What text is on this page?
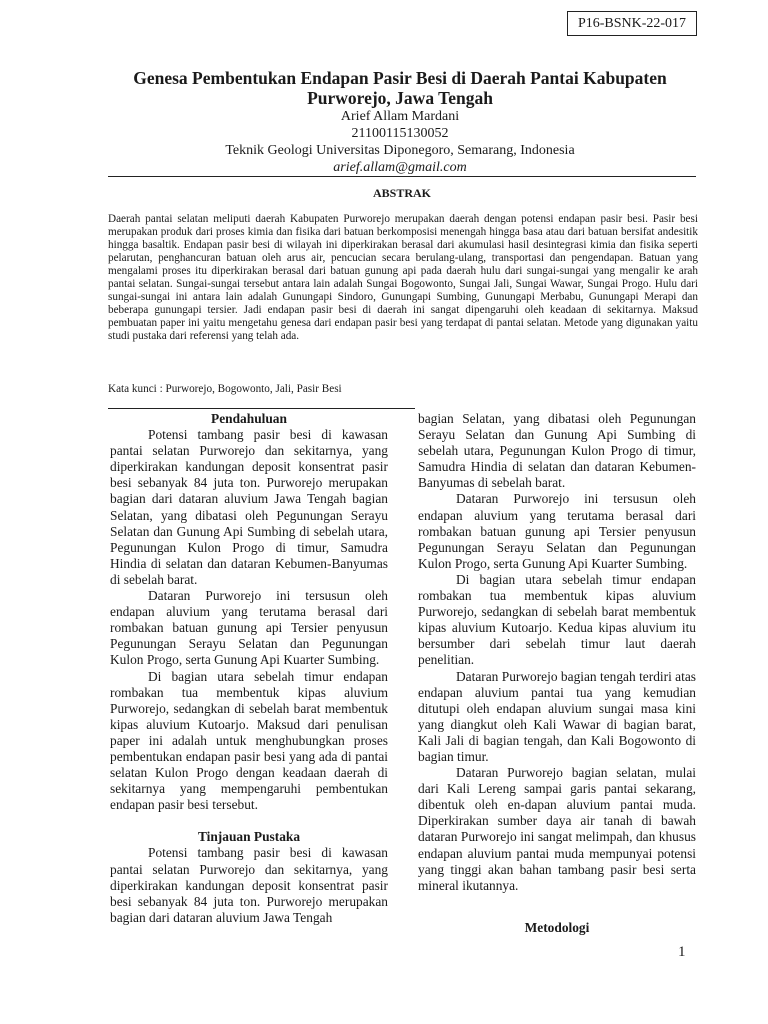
P16-BSNK-22-017
Genesa Pembentukan Endapan Pasir Besi di Daerah Pantai Kabupaten Purworejo, Jawa Tengah
Arief Allam Mardani
21100115130052
Teknik Geologi Universitas Diponegoro, Semarang, Indonesia
arief.allam@gmail.com
ABSTRAK

Daerah pantai selatan meliputi daerah Kabupaten Purworejo merupakan daerah dengan potensi endapan pasir besi. Pasir besi merupakan produk dari proses kimia dan fisika dari batuan berkomposisi menengah hingga basa atau dari batuan bersifat andesitik hingga basaltik. Endapan pasir besi di wilayah ini diperkirakan berasal dari akumulasi hasil desintegrasi kimia dan fisika seperti pelarutan, penghancuran batuan oleh arus air, pencucian secara berulang-ulang, transportasi dan pengendapan. Batuan yang mengalami proses itu diperkirakan berasal dari batuan gunung api pada daerah hulu dari sungai-sungai yang mengalir ke arah pantai selatan. Sungai-sungai tersebut antara lain adalah Sungai Bogowonto, Sungai Jali, Sungai Wawar, Sungai Progo. Hulu dari sungai-sungai ini antara lain adalah Gunungapi Sindoro, Gunungapi Sumbing, Gunungapi Merbabu, Gunungapi Merapi dan beberapa gunungapi tersier. Jadi endapan pasir besi di daerah ini sangat dipengaruhi oleh keadaan di sekitarnya. Maksud pembuatan paper ini yaitu mengetahu genesa dari endapan pasir besi yang terdapat di pantai selatan. Metode yang digunakan yaitu studi pustaka dari referensi yang telah ada.

Kata kunci : Purworejo, Bogowonto, Jali, Pasir Besi
Pendahuluan

Potensi tambang pasir besi di kawasan pantai selatan Purworejo dan sekitarnya, yang diperkirakan kandungan deposit konsentrat pasir besi sebanyak 84 juta ton. Purworejo merupakan bagian dari dataran aluvium Jawa Tengah bagian Selatan, yang dibatasi oleh Pegunungan Serayu Selatan dan Gunung Api Sumbing di sebelah utara, Pegunungan Kulon Progo di timur, Samudra Hindia di selatan dan dataran Kebumen-Banyumas di sebelah barat.

Dataran Purworejo ini tersusun oleh endapan aluvium yang terutama berasal dari rombakan batuan gunung api Tersier penyusun Pegunungan Serayu Selatan dan Pegunungan Kulon Progo, serta Gunung Api Kuarter Sumbing.

Di bagian utara sebelah timur endapan rombakan tua membentuk kipas aluvium Purworejo, sedangkan di sebelah barat membentuk kipas aluvium Kutoarjo. Maksud dari penulisan paper ini adalah untuk menghubungkan proses pembentukan endapan pasir besi yang ada di pantai selatan Kulon Progo dengan keadaan daerah di sekitarnya yang mempengaruhi pembentukan endapan pasir besi tersebut.

Tinjauan Pustaka

Potensi tambang pasir besi di kawasan pantai selatan Purworejo dan sekitarnya, yang diperkirakan kandungan deposit konsentrat pasir besi sebanyak 84 juta ton. Purworejo merupakan bagian dari dataran aluvium Jawa Tengah

bagian Selatan, yang dibatasi oleh Pegunungan Serayu Selatan dan Gunung Api Sumbing di sebelah utara, Pegunungan Kulon Progo di timur, Samudra Hindia di selatan dan dataran Kebumen-Banyumas di sebelah barat.

Dataran Purworejo ini tersusun oleh endapan aluvium yang terutama berasal dari rombakan batuan gunung api Tersier penyusun Pegunungan Serayu Selatan dan Pegunungan Kulon Progo, serta Gunung Api Kuarter Sumbing.

Di bagian utara sebelah timur endapan rombakan tua membentuk kipas aluvium Purworejo, sedangkan di sebelah barat membentuk kipas aluvium Kutoarjo. Kedua kipas aluvium itu bersumber dari sebelah timur laut daerah penelitian.

Dataran Purworejo bagian tengah terdiri atas endapan aluvium pantai tua yang kemudian ditutupi oleh endapan aluvium sungai masa kini yang diangkut oleh Kali Wawar di bagian barat, Kali Jali di bagian tengah, dan Kali Bogowonto di bagian timur.

Dataran Purworejo bagian selatan, mulai dari Kali Lereng sampai garis pantai sekarang, dibentuk oleh en-dapan aluvium pantai muda. Diperkirakan sumber daya air tanah di bawah dataran Purworejo ini sangat melimpah, dan khusus endapan aluvium pantai muda mempunyai potensi yang tinggi akan bahan tambang pasir besi serta mineral ikutannya.

Metodologi
1
